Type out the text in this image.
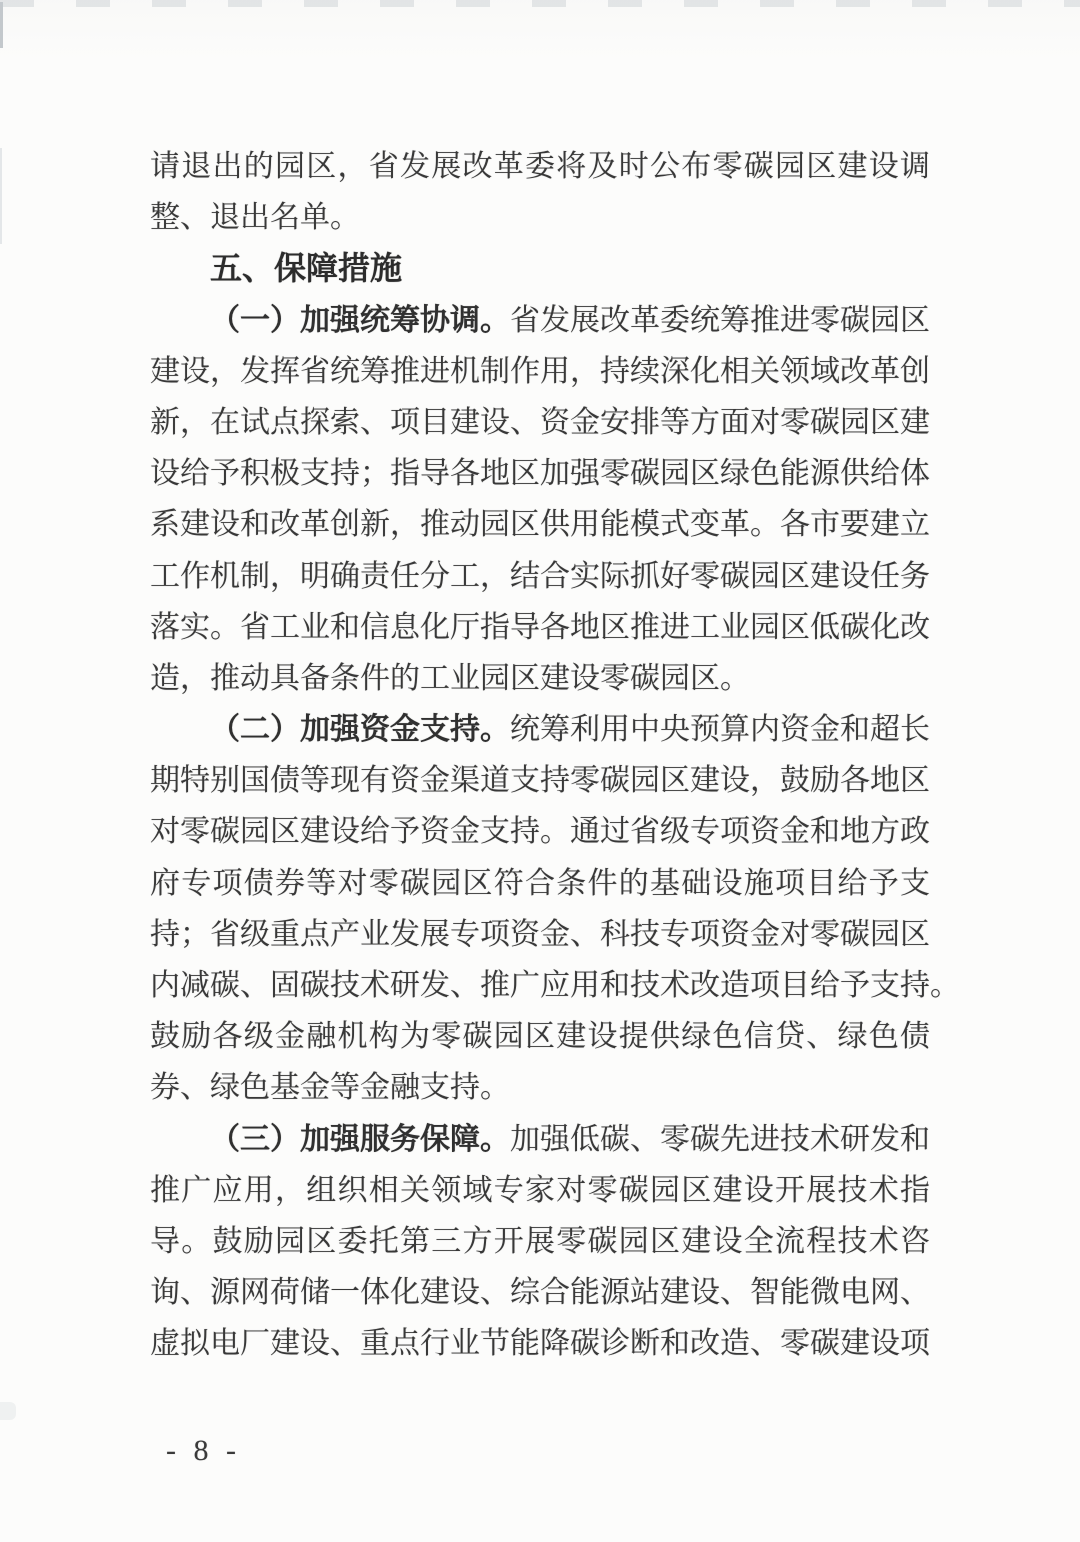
请 退 出 的 园 区 ， 省 发 展 改 革 委 将 及 时 公 布 零 碳 园 区 建 设 调
整、退出名单。
五、保障措施
（ 一 ） 加 强 统 筹 协 调 。 省 发 展 改 革 委 统 筹 推 进 零 碳 园 区
建 设 ， 发 挥 省 统 筹 推 进 机 制 作 用 ， 持 续 深 化 相 关 领 域 改 革 创
新 ， 在 试 点 探 索 、 项 目 建 设 、 资 金 安 排 等 方 面 对 零 碳 园 区 建
设 给 予 积 极 支 持 ； 指 导 各 地 区 加 强 零 碳 园 区 绿 色 能 源 供 给 体
系 建 设 和 改 革 创 新 ， 推 动 园 区 供 用 能 模 式 变 革 。 各 市 要 建 立
工 作 机 制 ， 明 确 责 任 分 工 ， 结 合 实 际 抓 好 零 碳 园 区 建 设 任 务
落 实 。 省 工 业 和 信 息 化 厅 指 导 各 地 区 推 进 工 业 园 区 低 碳 化 改
造，推动具备条件的工业园区建设零碳园区。
（ 二 ） 加 强 资 金 支 持 。 统 筹 利 用 中 央 预 算 内 资 金 和 超 长
期 特 别 国 债 等 现 有 资 金 渠 道 支 持 零 碳 园 区 建 设 ， 鼓 励 各 地 区
对 零 碳 园 区 建 设 给 予 资 金 支 持 。 通 过 省 级 专 项 资 金 和 地 方 政
府 专 项 债 券 等 对 零 碳 园 区 符 合 条 件 的 基 础 设 施 项 目 给 予 支
持 ； 省 级 重 点 产 业 发 展 专 项 资 金 、 科 技 专 项 资 金 对 零 碳 园 区
内 减 碳 、 固 碳 技 术 研 发 、 推 广 应 用 和 技 术 改 造 项 目 给 予 支 持 。
鼓 励 各 级 金 融 机 构 为 零 碳 园 区 建 设 提 供 绿 色 信 贷 、 绿 色 债
券、绿色基金等金融支持。
（ 三 ） 加 强 服 务 保 障 。 加 强 低 碳 、 零 碳 先 进 技 术 研 发 和
推 广 应 用 ， 组 织 相 关 领 域 专 家 对 零 碳 园 区 建 设 开 展 技 术 指
导 。 鼓 励 园 区 委 托 第 三 方 开 展 零 碳 园 区 建 设 全 流 程 技 术 咨
询 、 源 网 荷 储 一 体 化 建 设 、 综 合 能 源 站 建 设 、 智 能 微 电 网 、
虚 拟 电 厂 建 设 、 重 点 行 业 节 能 降 碳 诊 断 和 改 造 、 零 碳 建 设 项
- 8 -
